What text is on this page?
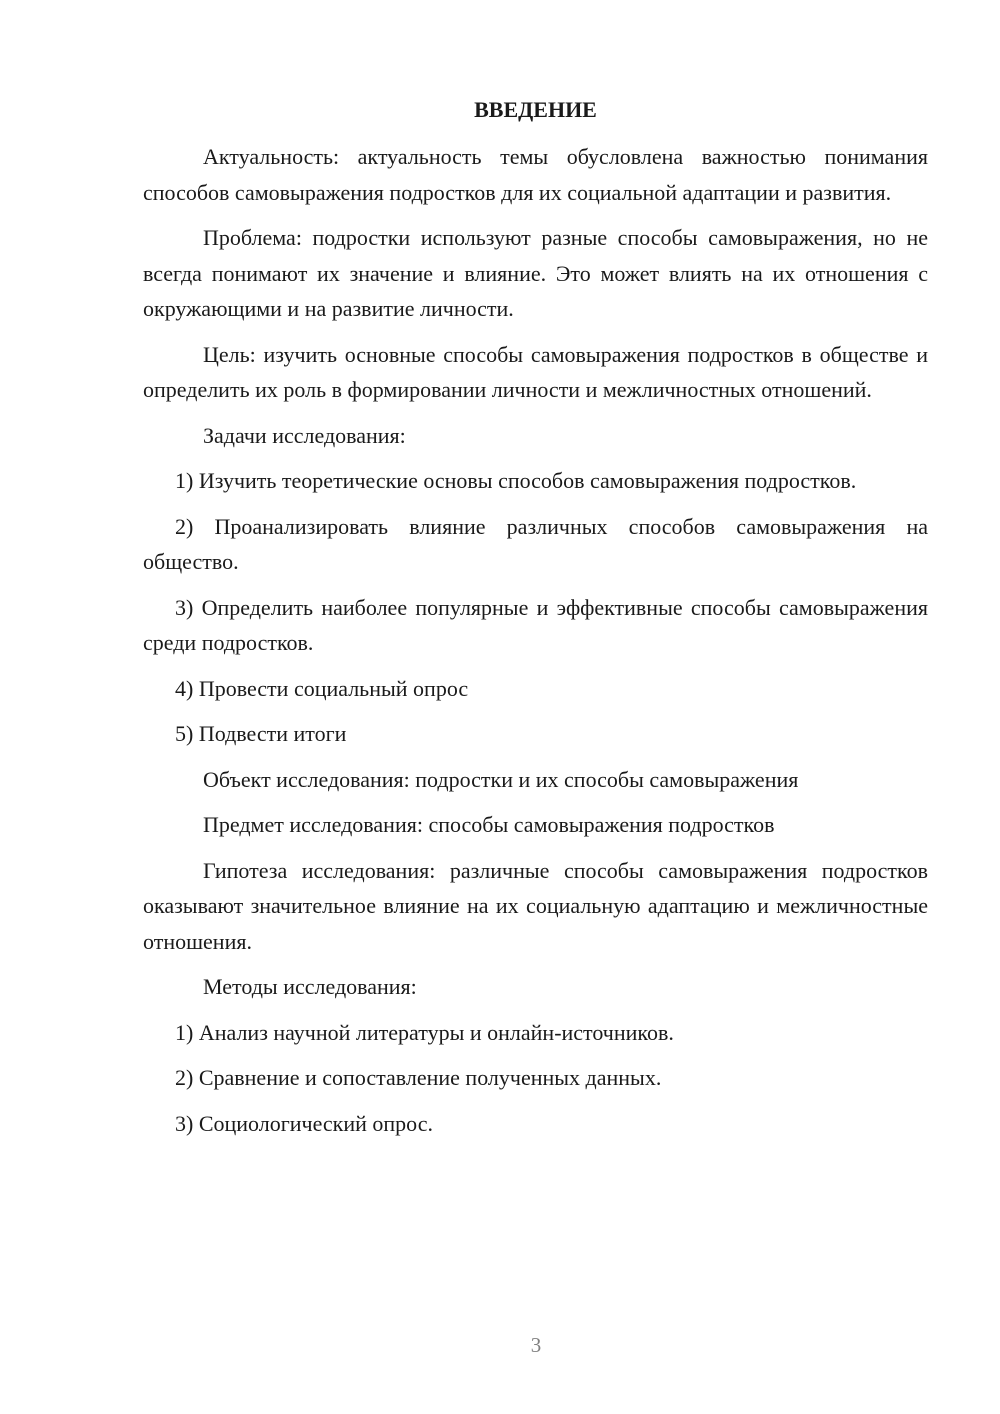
ВВЕДЕНИЕ

Актуальность: актуальность темы обусловлена важностью понимания способов самовыражения подростков для их социальной адаптации и развития.

Проблема: подростки используют разные способы самовыражения, но не всегда понимают их значение и влияние. Это может влиять на их отношения с окружающими и на развитие личности.

Цель: изучить основные способы самовыражения подростков в обществе и определить их роль в формировании личности и межличностных отношений.

Задачи исследования:

1) Изучить теоретические основы способов самовыражения подростков.

2) Проанализировать влияние различных способов самовыражения на общество.

3) Определить наиболее популярные и эффективные способы самовыражения среди подростков.

4) Провести социальный опрос

5) Подвести итоги

Объект исследования: подростки и их способы самовыражения

Предмет исследования: способы самовыражения подростков

Гипотеза исследования: различные способы самовыражения подростков оказывают значительное влияние на их социальную адаптацию и межличностные отношения.

Методы исследования:

1) Анализ научной литературы и онлайн-источников.

2) Сравнение и сопоставление полученных данных.

3) Социологический опрос.

3
